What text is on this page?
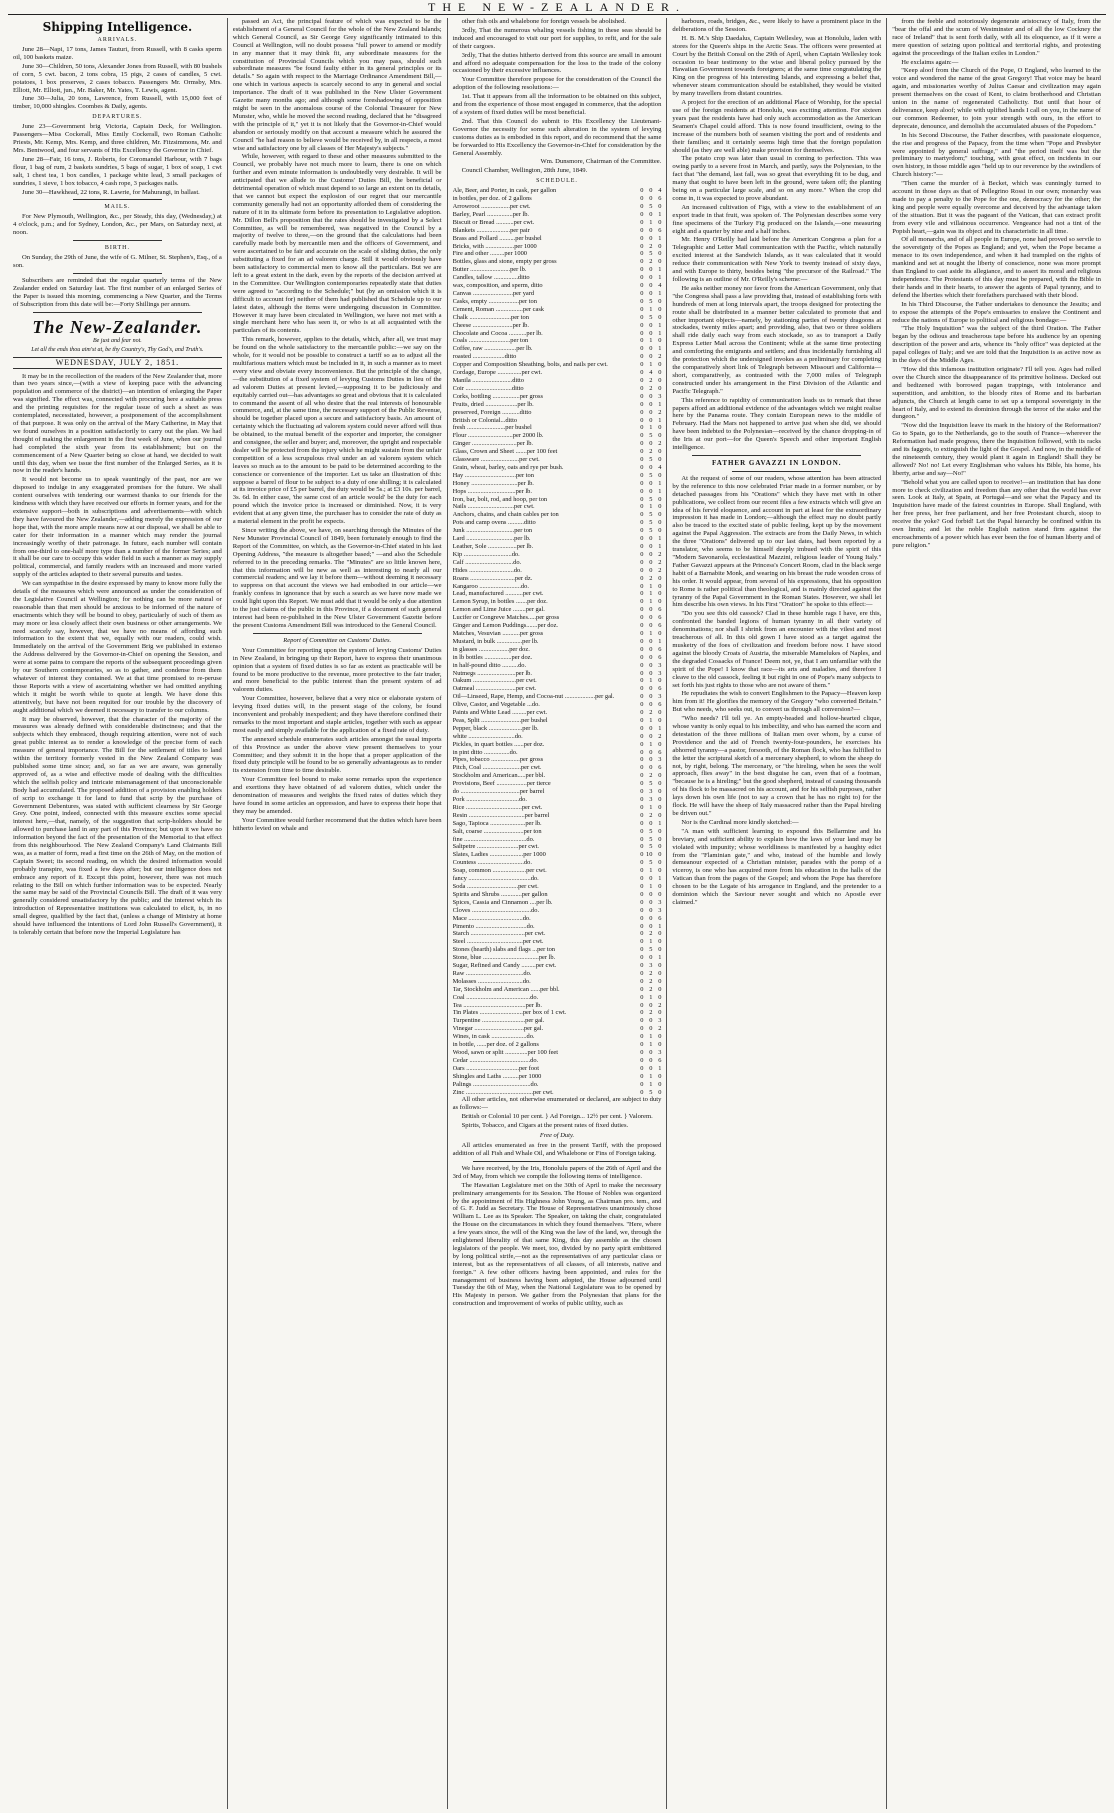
THE NEW-ZEALANDER.
Shipping Intelligence.
ARRIVALS.

June 28—Napi, 17 tons, James Tauturi, from Russell, with 8 casks sperm oil, 100 baskets maize.

June 30—Children, 50 tons, Alexander Jones from Russell, with 80 bushels of corn, 5 cwt. bacon, 2 tons cobra, 15 pigs, 2 cases of candles, 5 cwt. potatoes, 1 box preserves, 2 cases tobacco. Passengers Mr. Ormsby, Mrs. Elliott, Mr. Elliott, jun., Mr. Baker, Mr. Yates, T. Lewis, agent.

June 30—Julia, 20 tons, Lawrence, from Russell, with 15,000 feet of timber, 10,000 shingles. Coombes & Daily, agents.

DEPARTURES.

June 23—Government brig Victoria, Captain Deck, for Wellington. Passengers—Miss Cockerall, Miss Emily Cockerall, two Roman Catholic Priests, Mr. Kemp, Mrs. Kemp, and three children, Mr. Fitzsimmons, Mr. and Mrs. Bentwood, and four servants of His Excellency the Governor in Chief.

June 28—Fair, 16 tons, J. Roberts, for Coromandel Harbour, with 7 bags flour, 1 bag of rum, 2 baskets sundries, 5 bags of sugar, 1 box of soap, 1 cwt salt, 1 chest tea, 1 box candles, 1 package white lead, 3 small packages of sundries, 1 sieve, 1 box tobacco, 4 cash rope, 3 packages nails.

June 30—Hawkhead, 22 tons, R. Lawrie, for Mahurangi, in ballast.

MAILS.

For New Plymouth, Wellington, &c., per Steady, this day, (Wednesday,) at 4 o'clock, p.m.; and for Sydney, London, &c., per Mars, on Saturday next, at noon.

BIRTH.

On Sunday, the 29th of June, the wife of G. Milner, St. Stephen's, Esq., of a son.

Subscribers are reminded that the regular quarterly terms of the New Zealander ended on Saturday last. The first number of an enlarged Series of the Paper is issued this morning, commencing a New Quarter, and the Terms of Subscription from this date will be:—Forty Shillings per annum.

The New-Zealander.
Be just and fear not.
Let all the ends thou aim'st at, be thy Country's, Thy God's, and Truth's.
WEDNESDAY, JULY 2, 1851.

It may be in the recollection of the readers of the New Zealander that, more than two years since,—(with a view of keeping pace with the advancing population and commerce of the district)—an intention of enlarging the Paper was signified. The effect was, connected with procuring here a suitable press and the printing requisites for the regular issue of such a sheet as was contemplated, necessitated, however, a postponement of the accomplishment of that purpose. It was only on the arrival of the Mary Catherine, in May that we found ourselves in a position satisfactorily to carry out the plan. We had thought of making the enlargement in the first week of June, when our journal had completed the sixth year from its establishment; but on the commencement of a New Quarter being so close at hand, we decided to wait until this day, when we issue the first number of the Enlarged Series, as it is now in the reader's hands.

It would not become us to speak vauntingly of the past, nor are we disposed to indulge in any exaggerated promises for the future. We shall content ourselves with tendering our warmest thanks to our friends for the kindness with which they have received our efforts in former years, and for the extensive support—both in subscriptions and advertisements—with which they have favoured the New Zealander,—adding merely the expression of our hope that, with the more ample means now at our disposal, we shall be able to cater for their information in a manner which may render the journal increasingly worthy of their patronage. In future, each number will contain from one-third to one-half more type than a number of the former Series; and it shall be our care to occupy this wider field in such a manner as may supply political, commercial, and family readers with an increased and more varied supply of the articles adapted to their several pursuits and tastes.

We can sympathise in the desire expressed by many to know more fully the details of the measures which were announced as under the consideration of the Legislative Council at Wellington; for nothing can be more natural or reasonable than that men should be anxious to be informed of the nature of enactments which they will be bound to obey, particularly of such of them as may more or less closely affect their own business or other arrangements. We need scarcely say, however, that we have no means of affording such information to the extent that we, equally with our readers, could wish. Immediately on the arrival of the Government Brig we published in extenso the Address delivered by the Governor-in-Chief on opening the Session, and were at some pains to compare the reports of the subsequent proceedings given by our Southern contemporaries, so as to gather, and condense from them whatever of interest they contained. We at that time promised to re-peruse those Reports with a view of ascertaining whether we had omitted anything which it might be worth while to quote at length. We have done this attentively, but have not been requited for our trouble by the discovery of aught additional which we deemed it necessary to transfer to our columns.

It may be observed, however, that the character of the majority of the measures was already defined with considerable distinctness; and that the subjects which they embraced, though requiring attention, were not of such great public interest as to render a knowledge of the precise form of each measure of general importance. The Bill for the settlement of titles to land within the territory formerly vested in the New Zealand Company was published some time since; and, so far as we are aware, was generally approved of, as a wise and effective mode of dealing with the difficulties which the selfish policy and intricate mismanagement of that unconscionable Body had accumulated. The proposed addition of a provision enabling holders of scrip to exchange it for land to fund that scrip by the purchase of Government Debentures, was stated with sufficient clearness by Sir George Grey. One point, indeed, connected with this measure excites some special interest here,—that, namely, of the suggestion that scrip-holders should be allowed to purchase land in any part of this Province; but upon it we have no information beyond the fact of the presentation of the Memorial to that effect from this neighbourhood. The New Zealand Company's Land Claimants Bill was, as a matter of form, read a first time on the 26th of May, on the motion of Captain Sweet; its second reading, on which the desired information would probably transpire, was fixed a few days after; but our intelligence does not embrace any report of it. Except this point, however, there was not much relating to the Bill on which further information was to be expected. Nearly the same may be said of the Provincial Councils Bill. The draft of it was very generally considered unsatisfactory by the public; and the interest which its introduction of Representative institutions was calculated to elicit, is, in no small degree, qualified by the fact that, (unless a change of Ministry at home should have influenced the intentions of Lord John Russell's Government), it is tolerably certain that before now the Imperial Legislature has

passed an Act, the principal feature of which was expected to be the establishment of a General Council for the whole of the New Zealand Islands; which General Council, as Sir George Grey significantly intimated to this Council at Wellington, will no doubt possess "full power to amend or modify in any manner that it may think fit, any subordinate measures for the constitution of Provincial Councils which you may pass, should such subordinate measures "be found faulty either in its general principles or its details." So again with respect to the Marriage Ordinance Amendment Bill,—one which in various aspects is scarcely second to any in general and social importance. The draft of it was published in the New Ulster Government Gazette many months ago; and although some foreshadowing of opposition might be seen in the anomalous course of the Colonial Treasurer for New Munster, who, while he moved the second reading, declared that he "disagreed with the principle of it," yet it is not likely that the Governor-in-Chief would abandon or seriously modify on that account a measure which he assured the Council "he had reason to believe would be received by, in all respects, a most wise and satisfactory one by all classes of Her Majesty's subjects."

While, however, with regard to these and other measures submitted to the Council, we probably have not much more to learn, there is one on which further and even minute information is undoubtedly very desirable. It will be anticipated that we allude to the Customs' Duties Bill, the beneficial or detrimental operation of which must depend to so large an extent on its details, that we cannot but expect the explosion of our regret that our mercantile community generally had not an opportunity afforded them of considering the nature of it in its ultimate form before its presentation to Legislative adoption. Mr. Dillon Bell's proposition that the rates should be investigated by a Select Committee, as will be remembered, was negatived in the Council by a majority of twelve to three,—on the ground that the calculations had been carefully made both by mercantile men and the officers of Government, and were ascertained to be fair and accurate on the scale of sliding duties, the only substituting a fixed for an ad valorem charge. Still it would obviously have been satisfactory to commercial men to know all the particulars. But we are left to a great extent in the dark, even by the reports of the decision arrived at in the Committee. Our Wellington contemporaries repeatedly state that duties were agreed to "according to the Schedule;" but (by an omission which it is difficult to account for) neither of them had published that Schedule up to our latest dates, although the items were undergoing discussion in Committee. However it may have been circulated in Wellington, we have not met with a single merchant here who has seen it, or who is at all acquainted with the particulars of its contents.

This remark, however, applies to the details, which, after all, we trust may be found on the whole satisfactory to the mercantile public:—we say on the whole, for it would not be possible to construct a tariff so as to adjust all the multifarious matters which must be included in it, in such a manner as to meet every view and obviate every inconvenience. But the principle of the change,—the substitution of a fixed system of levying Customs Duties in lieu of the ad valorem Duties at present levied,—supposing it to be judiciously and equitably carried out—has advantages so great and obvious that it is calculated to command the assent of all who desire that the real interests of honourable commerce, and, at the same time, the necessary support of the Public Revenue, should be together placed upon a secure and satisfactory basis. An amount of certainty which the fluctuating ad valorem system could never afford will thus be obtained, to the mutual benefit of the exporter and importer, the consigner and consignee, the seller and buyer; and, moreover, the upright and respectable dealer will be protected from the injury which he might sustain from the unfair competition of a less scrupulous rival under an ad valorem system which leaves so much as to the amount to be paid to be determined according to the conscience or convenience of the importer. Let us take an illustration of this: suppose a barrel of flour to be subject to a duty of one shilling; it is calculated at its invoice price of £5 per barrel, the duty would be 5s.; at £3 10s. per barrel, 3s. 6d. In either case, 'the same cost of an article would' be the duty for each pound which the invoice price is increased or diminished. Now, it is very evident that at any given time, the purchaser has to consider the rate of duty as a material element in the profit he expects.

Since writing the above, we have, on searching through the Minutes of the New Munster Provincial Council of 1849, been fortunately enough to find the Report of the Committee, on which, as the Governor-in-Chief stated in his last Opening Address, "the measure is altogether based;" —and also the Schedule referred to in the preceding remarks. The "Minutes" are so little known here, that this information will be new as well as interesting to nearly all our commercial readers; and we lay it before them—without deeming it necessary to suppress on that account the views we had embodied in our article—we frankly confess in ignorance that by such a search as we have now made we could light upon this Report. We must add that it would be only a due attention to the just claims of the public in this Province, if a document of such general interest had been re-published in the New Ulster Government Gazette before the present Customs Amendment Bill was introduced to the General Council.

Report of Committee on Customs' Duties.

Your Committee for reporting upon the system of levying Customs' Duties in New Zealand, in bringing up their Report, have to express their unanimous opinion that a system of fixed duties is so far as extent as practicable will be found to be more productive to the revenue, more protective to the fair trader, and more beneficial to the public interest than the present system of ad valorem duties.

Your Committee, however, believe that a very nice or elaborate system of levying fixed duties will, in the present stage of the colony, be found inconvenient and probably inexpedient; and they have therefore confined their remarks to the most important and staple articles, together with such as appear most easily and simply available for the application of a fixed rate of duty.

The annexed schedule enumerates such articles amongst the usual imports of this Province as under the above view present themselves to your Committee; and they submit it in the hope that a proper application of the fixed duty principle will be found to be so generally advantageous as to render its extension from time to time desirable.

Your Committee feel bound to make some remarks upon the experience and exertions they have obtained of ad valorem duties, which under the denomination of measures and weights the fixed rates of duties which they have found in some articles an oppression, and have to express their hope that they may be amended.

Your Committee would further recommend that the duties which have been hitherto levied on whale and

other fish oils and whalebone for foreign vessels be abolished.

3rdly, That the numerous whaling vessels fishing in these seas should be induced and encouraged to visit our port for supplies, to refit, and for the sale of their cargoes.

3rdly, That the duties hitherto derived from this source are small in amount and afford no adequate compensation for the loss to the trade of the colony occasioned by their excessive influences.

Your Committee therefore propose for the consideration of the Council the adoption of the following resolutions:—

1st. That it appears from all the information to be obtained on this subject, and from the experience of those most engaged in commerce, that the adoption of a system of fixed duties will be most beneficial.

2nd. That this Council do submit to His Excellency the Lieutenant-Governor the necessity for some such alteration in the system of levying customs duties as is embodied in this report, and do recommend that the same be forwarded to His Excellency the Governor-in-Chief for consideration by the General Assembly.

Wm. Dunsmore, Chairman of the Committee.

Council Chamber, Wellington, 28th June, 1849.

SCHEDULE.
Ale, Beer, and Porter, in cask, per gallon	0	0	4
in bottles, per doz. of 2 gallons	0	0	6
Arrowroot ..................per cwt.	0	5	0
Barley, Pearl ................per lb.	0	0	1
Biscuit or Bread ...........per cwt.	0	1	0
Blankets .....................per pair	0	0	6
Brass and Pollard ..........per bushel	0	0	1
Bricks, with ..................per 1000	0	2	0
Fire and other .........per 1000	0	5	0
Bottles, glass and stone, empty per gross	0	2	0
Butter .........................per lb.	0	0	1
Candles, tallow ...............ditto	0	0	1
wax, composition, and sperm, ditto	0	0	4
Canvas .........................per yard	0	0	1
Casks, empty ...................per ton	0	5	0
Cement, Roman .................per cask	0	1	0
Chalk ..........................per ton	0	5	0
Cheese .........................per lb.	0	0	1
Chocolate and Cocoa ...........per lb.	0	0	1
Coals ..........................per ton	0	1	0
Coffee, raw ....................per lb.	0	0	1
roasted ....................ditto	0	0	2
Copper and Composition Sheathing, bolts, and nails per cwt.	0	1	0
Cordage, Europe ...............per cwt.	0	4	0
Manila .........................ditto	0	2	0
Coir .............................ditto	0	2	0
Corks, bottling .................per gross	0	0	3
Fruits, dried ....................per lb.	0	0	1
preserved, Foreign ...........ditto	0	0	2
British or Colonial...ditto	0	0	1
fresh ........................per bushel	0	1	0
Flour ............................per 2000 lb.	0	5	0
Ginger ............................per lb.	0	0	2
Glass, Crown and Sheet .......per 100 feet	0	2	0
Glassware ........................per cwt.	0	5	0
Grain, wheat, barley, oats and rye per bush.	0	0	4
Hay ................................per ton	0	5	0
Honey .............................per lb.	0	0	1
Hops ..............................per lb.	0	0	1
Iron, bar, bolt, rod, and hoop, per ton	0	5	0
Nails .............................per cwt.	0	1	0
Anchors, chains, and chain cables per ton	0	5	0
Pots and camp ovens ..........ditto	0	5	0
Junk ..............................per ton	0	5	0
Lard ..............................per lb.	0	0	1
Leather, Sole ..................per lb.	0	0	1
Kip ..............................do.	0	0	2
Calf ..............................do.	0	0	2
Hides ............................do.	0	0	2
Roans ............................per dz.	0	2	0
Kangaroo ..........................do.	0	1	0
Lead, manufactured ...........per cwt.	0	1	0
Lemon Syrup, in bottles .......per doz.	0	1	0
Lemon and Lime Juice ........per gal.	0	0	6
Lucifer or Congreve Matches.....per gross	0	0	6
Ginger and Lemon Puddings.......per doz.	0	0	6
Matches, Vesuvian ...........per gross	0	1	0
Mustard, in bulk ................per lb.	0	0	1
in glasses ...................per doz.	0	0	6
in lb bottles .................per doz.	0	0	6
in half-pound ditto ..........do.	0	0	3
Nutmegs ........................per lb.	0	0	3
Oakum ...........................per cwt.	0	1	0
Oatmeal .........................per cwt.	0	0	6
Oil—Linseed, Rape, Hemp, and Cocoa-nut ...................per gal.	0	0	3
Olive, Castor, and Vegetable ...do.	0	0	6
Paints and White Lead .........per cwt.	0	2	0
Peas, Split .........................per bushel	0	1	0
Pepper, black .....................per lb.	0	0	1
white .............................do.	0	0	2
Pickles, in quart bottles ......per doz.	0	1	0
in pint ditto ................do.	0	0	6
Pipes, tobacco ..................per gross	0	0	3
Pitch, Coal ........................per cwt.	0	0	6
Stockholm and American.....per bbl.	0	2	0
Provisions, Beef ...................per tierce	0	5	0
do .....................................per barrel	0	3	0
Pork .................................do.	0	3	0
Rice ...................................per cwt.	0	1	0
Resin ...................................per barrel	0	2	0
Sago, Tapioca ......................per lb.	0	0	1
Salt, coarse .........................per ton	0	5	0
fine .......................................do.	0	5	0
Saltpetre ..........................per cwt.	0	5	0
Slates, Ladies .....................per 1000	0	10	0
Countess .............................do.	0	5	0
Soap, common .....................per cwt.	0	1	0
fancy .......................................do.	0	0	1
Soda ................................per cwt.	0	1	0
Spirits and Shrubs .............per gallon	0	0	0
Spices, Cassia and Cinnamon ....per lb.	0	0	3
Cloves .....................................do.	0	0	3
Mace ..................................do.	0	0	6
Pimento ................................do.	0	0	1
Starch ..................................per cwt.	0	2	0
Steel ...................................per cwt.	0	1	0
Stones (hearth) slabs and flags ...per ton	0	5	0
Stone, blue ...................................per lb.	0	0	1
Sugar, Refined and Candy .........per cwt.	0	3	0
Raw ....................................do.	0	2	0
Molasses ............................do.	0	2	0
Tar, Stockholm and American ......per bbl.	0	2	0
Coal ........................................do.	0	1	0
Tea .......................................per lb.	0	0	2
Tin Plates ...........................per box of 1 cwt.	0	2	0
Turpentine ...........................per gal.	0	0	3
Vinegar ...............................per gal.	0	0	2
Wines, in cask ......................do.	0	1	0
in bottle, ......per doz. of 2 gallons	0	1	0
Wood, sawn or split ..............per 100 feet	0	0	3
Cedar ......................................do.	0	0	6
Oars .................................per foot	0	0	1
Shingles and Laths ..........per 1000	0	1	0
Palings ....................................do.	0	1	0
Zinc ..........................................per cwt.	0	5	0

All other articles, not otherwise enumerated or declared, are subject to duty as follows:—

British or Colonial 10 per cent. } Ad Foreign... 12½ per cent. } Valorem.

Spirits, Tobacco, and Cigars at the present rates of fixed duties.

Free of Duty.

All articles enumerated as free in the present Tariff, with the proposed addition of all Fish and Whale Oil, and Whalebone or Fins of Foreign taking.

We have received, by the Iris, Honolulu papers of the 26th of April and the 3rd of May, from which we compile the following items of intelligence.

The Hawaiian Legislature met on the 30th of April to make the necessary preliminary arrangements for its Session. The House of Nobles was organized by the appointment of His Highness John Young, as Chairman pro. tem., and of G. F. Judd as Secretary. The House of Representatives unanimously chose William L. Lee as its Speaker. The Speaker, on taking the chair, congratulated the House on the circumstances in which they found themselves. "Here, where a few years since, the will of the King was the law of the land, we, through the enlightened liberality of that same King, this day assemble as the chosen legislators of the people. We meet, too, divided by no party spirit embittered by long political strife,—not as the representatives of any particular class or interest, but as the representatives of all classes, of all interests, native and foreign." A few other officers having been appointed, and rules for the management of business having been adopted, the House adjourned until Tuesday the 6th of May, when the National Legislature was to be opened by His Majesty in person. We gather from the Polynesian that plans for the construction and improvement of works of public utility, such as

harbours, roads, bridges, &c., were likely to have a prominent place in the deliberations of the Session.

H. B. M.'s Ship Daedalus, Captain Wellesley, was at Honolulu, laden with stores for the Queen's ships in the Arctic Seas. The officers were presented at Court by the British Consul on the 29th of April, when Captain Wellesley took occasion to bear testimony to the wise and liberal policy pursued by the Hawaiian Government towards foreigners; at the same time congratulating the King on the progress of his interesting Islands, and expressing a belief that, whenever steam communication should be established, they would be visited by many travellers from distant countries.

A project for the erection of an additional Place of Worship, for the special use of the foreign residents at Honolulu, was exciting attention. For sixteen years past the residents have had only such accommodation as the American Seamen's Chapel could afford. This is now found insufficient, owing to the increase of the numbers both of seamen visiting the port and of residents and their families; and it certainly seems high time that the foreign population should (as they are well able) make provision for themselves.

The potato crop was later than usual in coming to perfection. This was owing partly to a severe frost in March, and partly, says the Polynesian, to the fact that "the demand, last fall, was so great that everything fit to be dug, and many that ought to have been left in the ground, were taken off; the planting being on a particular large scale, and so on any more." When the crop did come in, it was expected to prove abundant.

An increased cultivation of Figs, with a view to the establishment of an export trade in that fruit, was spoken of. The Polynesian describes some very fine specimens of the Turkey Fig produced on the Islands,—one measuring eight and a quarter by nine and a half inches.

Mr. Henry O'Reilly had laid before the American Congress a plan for a Telegraphic and Letter Mail communication with the Pacific, which naturally excited interest at the Sandwich Islands, as it was calculated that it would reduce their communication with New York to twenty instead of sixty days, and with Europe to thirty, besides being "the precursor of the Railroad." The following is an outline of Mr. O'Reilly's scheme:—

He asks neither money nor favor from the American Government, only that "the Congress shall pass a law providing that, instead of establishing forts with hundreds of men at long intervals apart, the troops designed for protecting the route shall be distributed in a manner better calculated to promote that and other important objects—namely, by stationing parties of twenty dragoons at stockades, twenty miles apart; and providing, also, that two or three soldiers shall ride daily each way from each stockade, so as to transport a Daily Express Letter Mail across the Continent; while at the same time protecting and comforting the emigrants and settlers; and thus incidentally furnishing all the protection which the undersigned invokes as a preliminary for completing the comparatively short link of Telegraph between Missouri and California—short, comparatively, as contrasted with the 7,000 miles of Telegraph constructed under his arrangement in the First Division of the Atlantic and Pacific Telegraph."

This reference to rapidity of communication leads us to remark that these papers afford an additional evidence of the advantages which we might realise here by the Panama route. They contain European news to the middle of February. Had the Mars not happened to arrive just when she did, we should have been indebted to the Polynesian—received by the chance dropping-in of the Iris at our port—for the Queen's Speech and other important English intelligence.

FATHER GAVAZZI IN LONDON.

At the request of some of our readers, whose attention has been attracted by the reference to this now celebrated Friar made in a former number, or by detached passages from his "Orations" which they have met with in other publications, we collect from our recent files a few extracts which will give an idea of his fervid eloquence, and account in part at least for the extraordinary impression it has made in London;—although the effect may no doubt partly also be traced to the excited state of public feeling, kept up by the movement against the Papal Aggression. The extracts are from the Daily News, in which the three "Orations" delivered up to our last dates, had been reported by a translator, who seems to be himself deeply imbued with the spirit of this "Modern Savonarola, ecclesiastical Mazzini, religious leader of Young Italy." Father Gavazzi appears at the Princess's Concert Room, clad in the black serge habit of a Barnabite Monk, and wearing on his breast the rude wooden cross of his order. It would appear, from several of his expressions, that his opposition to Rome is rather political than theological, and is mainly directed against the tyranny of the Papal Government in the Roman States. However, we shall let him describe his own views. In his First "Oration" he spoke to this effect:—

"Do you see this old cassock? Clad in these humble rags I have, ere this, confronted the banded legions of human tyranny in all their variety of denominations; nor shall I shrink from an encounter with the vilest and most treacherous of all. In this old gown I have stood as a target against the musketry of the foes of civilization and freedom before now. I have stood against the bloody Croats of Austria, the miserable Mamelukes of Naples, and the degraded Cossacks of France! Deem not, ye, that I am unfamiliar with the spirit of the Pope! I know that race—its arts and maladies, and therefore I cleave to the old cassock, feeling it but right in one of Pope's many subjects to set forth his just rights to those who are not aware of them."

He repudiates the wish to convert Englishmen to the Papacy—Heaven keep him from it! He glorifies the memory of the Gregory "who converted Britain." But who needs, who seeks out, to convert us through all conversion?—

"Who needs? I'll tell ye. An empty-headed and hollow-hearted clique, whose vanity is only equal to his imbecility, and who has earned the scorn and detestation of the three millions of Italian men over whom, by a curse of Providence and the aid of French twenty-four-pounders, he exercises his abhorred tyranny—a pastor, forsooth, of the Roman flock, who has fulfilled to the letter the scriptural sketch of a mercenary shepherd, to whom the sheep do not, by right, belong. The mercenary, or "the hireling, when he sees the wolf approach, flies away" in the best disguise he can, even that of a footman, "because he is a hireling;" but the good shepherd, instead of causing thousands of his flock to be massacred on his account, and for his selfish purposes, rather lays down his own life (not to say a crown that he has no right to) for the flock. He will have the sheep of Italy massacred rather than the Papal hireling be driven out."

Nor is the Cardinal more kindly sketched:—

"A man with sufficient learning to expound this Bellarmine and his breviary, and sufficient ability to explain how the laws of your land may be violated with impunity; whose worldliness is manifested by a haughty edict from the "Flaminian gate," and who, instead of the humble and lowly demeanour expected of a Christian minister, parades with the pomp of a viceroy, is one who has acquired more from his education in the halls of the Vatican than from the pages of the Gospel; and whom the Pope has therefore chosen to be the Legate of his arrogance in England, and the pretender to a dominion which the Saviour never sought and which no Apostle ever claimed."

from the feeble and notoriously degenerate aristocracy of Italy, from the "bear the offal and the scum of Westminster and of all the low Cockney the race of Ireland" that is sent forth daily, with all its eloquence, as if it were a mere question of seizing upon political and territorial rights, and protesting against the proceedings of the Italian exiles in London."

He exclaims again:—

"Keep aloof from the Church of the Pope, O England, who learned to the voice and wondered the name of the great Gregory! That voice may be heard again, and missionaries worthy of Julius Caesar and civilization may again present themselves on the coast of Kent, to claim brotherhood and Christian union in the name of regenerated Catholicity. But until that hour of deliverance, keep aloof; while with uplifted hands I call on you, in the name of our common Redeemer, to join your strength with ours, in the effort to deprecate, denounce, and demolish the accumulated abuses of the Popedom."

In his Second Discourse, the Father describes, with passionate eloquence, the rise and progress of the Papacy, from the time when "Pope and Presbyter were appointed by general suffrage," and "the period itself was but the preliminary to martyrdom;" touching, with great effect, on incidents in our own history, in those middle ages "held up to our reverence by the swindlers of Church history:"—

"Then came the murder of à Becket, which was cunningly turned to account in those days as that of Pellegrino Rossi in our own; monarchy was made to pay a penalty to the Pope for the one, democracy for the other; the king and people were equally overcome and deceived by the advantage taken of the situation. But it was the pageant of the Vatican, that can extract profit from every vile and villainous occurrence. Vengeance had not a tint of the Popish heart,—gain was its object and its characteristic in all time.

Of all monarchs, and of all people in Europe, none had proved so servile to the sovereignty of the Popes as England; and yet, when the Pope became a menace to its own independence, and when it had trampled on the rights of mankind and set at nought the liberty of conscience, none was more prompt than England to cast aside its allegiance, and to assert its moral and religious independence. The Protestants of this day must be prepared, with the Bible in their hands and in their hearts, to answer the agents of Papal tyranny, and to defend the liberties which their forefathers purchased with their blood.

In his Third Discourse, the Father undertakes to denounce the Jesuits; and to expose the attempts of the Pope's emissaries to enslave the Continent and reduce the nations of Europe to political and religious bondage:—

"The Holy Inquisition" was the subject of the third Oration. The Father began by the odious and treacherous tape before his audience by an opening description of the power and arts, whence its "holy office" was depicted at the papal colleges of Italy; and we are told that the Inquisition is as active now as in the days of the Middle Ages.

"How did this infamous institution originate? I'll tell you. Ages had rolled over the Church since the disappearance of its primitive holiness. Decked out and bedizened with borrowed pagan trappings, with intolerance and superstition, and ambition, to the bloody rites of Rome and its barbarian adjuncts, the Church at length came to set up a temporal sovereignty in the heart of Italy, and to extend its dominion through the terror of the stake and the dungeon."

"Now did the Inquisition leave its mark in the history of the Reformation? Go to Spain, go to the Netherlands, go to the south of France—wherever the Reformation had made progress, there the Inquisition followed, with its racks and its faggots, to extinguish the light of the Gospel. And now, in the middle of the nineteenth century, they would plant it again in England! Shall they be allowed? No! no! Let every Englishman who values his Bible, his home, his liberty, arise and say—No!"

"Behold what you are called upon to receive!—an institution that has done more to check civilization and freedom than any other that the world has ever seen. Look at Italy, at Spain, at Portugal—and see what the Papacy and its Inquisition have made of the fairest countries in Europe. Shall England, with her free press, her free parliament, and her free Protestant church, stoop to receive the yoke? God forbid! Let the Papal hierarchy be confined within its own limits; and let the noble English nation stand firm against the encroachments of a power which has ever been the foe of human liberty and of pure religion."
